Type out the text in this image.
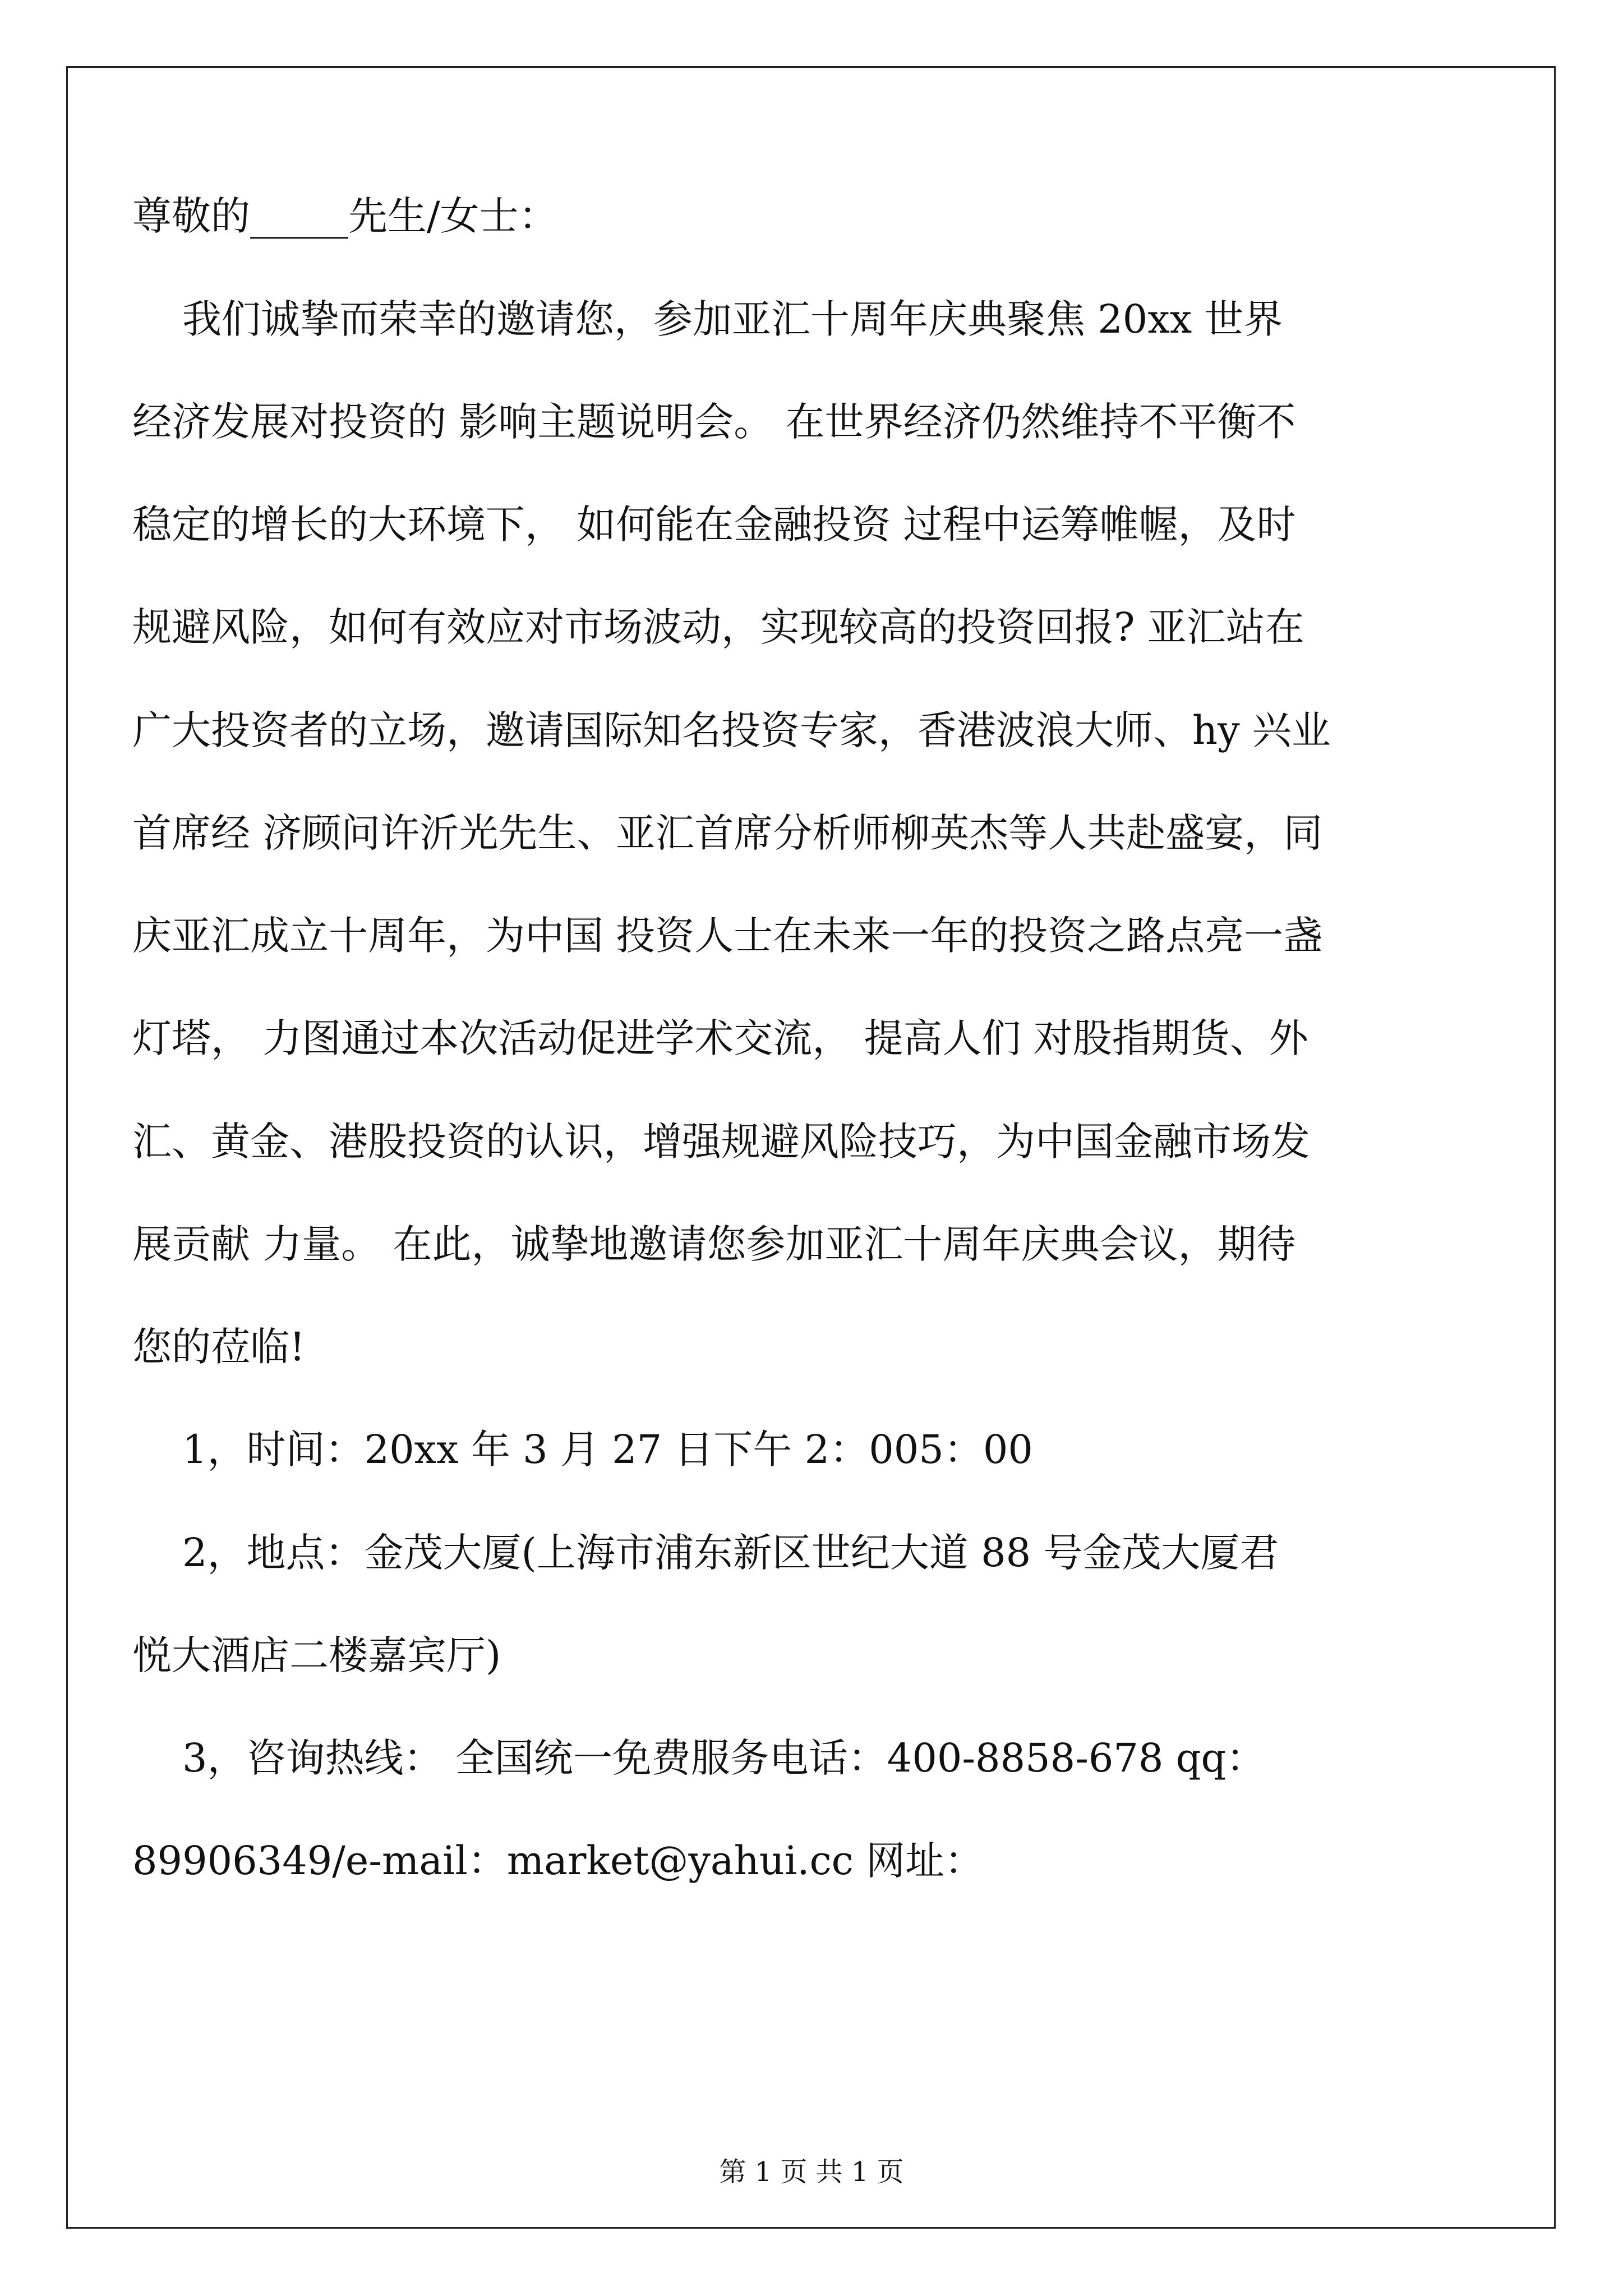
尊敬的_____先生/女士：
我们诚挚而荣幸的邀请您，参加亚汇十周年庆典聚焦 20xx 世界
经济发展对投资的 影响主题说明会。 在世界经济仍然维持不平衡不
稳定的增长的大环境下， 如何能在金融投资 过程中运筹帷幄，及时
规避风险，如何有效应对市场波动，实现较高的投资回报? 亚汇站在
广大投资者的立场，邀请国际知名投资专家，香港波浪大师、hy 兴业
首席经 济顾问许沂光先生、亚汇首席分析师柳英杰等人共赴盛宴，同
庆亚汇成立十周年，为中国 投资人士在未来一年的投资之路点亮一盏
灯塔， 力图通过本次活动促进学术交流， 提高人们 对股指期货、外
汇、黄金、港股投资的认识，增强规避风险技巧，为中国金融市场发
展贡献 力量。 在此，诚挚地邀请您参加亚汇十周年庆典会议，期待
您的莅临!
1，时间：20xx 年 3 月 27 日下午 2：005：00
2，地点：金茂大厦(上海市浦东新区世纪大道 88 号金茂大厦君
悦大酒店二楼嘉宾厅)
3，咨询热线： 全国统一免费服务电话：400-8858-678 qq：
89906349/e-mail：market@yahui.cc 网址：
第 1 页 共 1 页
